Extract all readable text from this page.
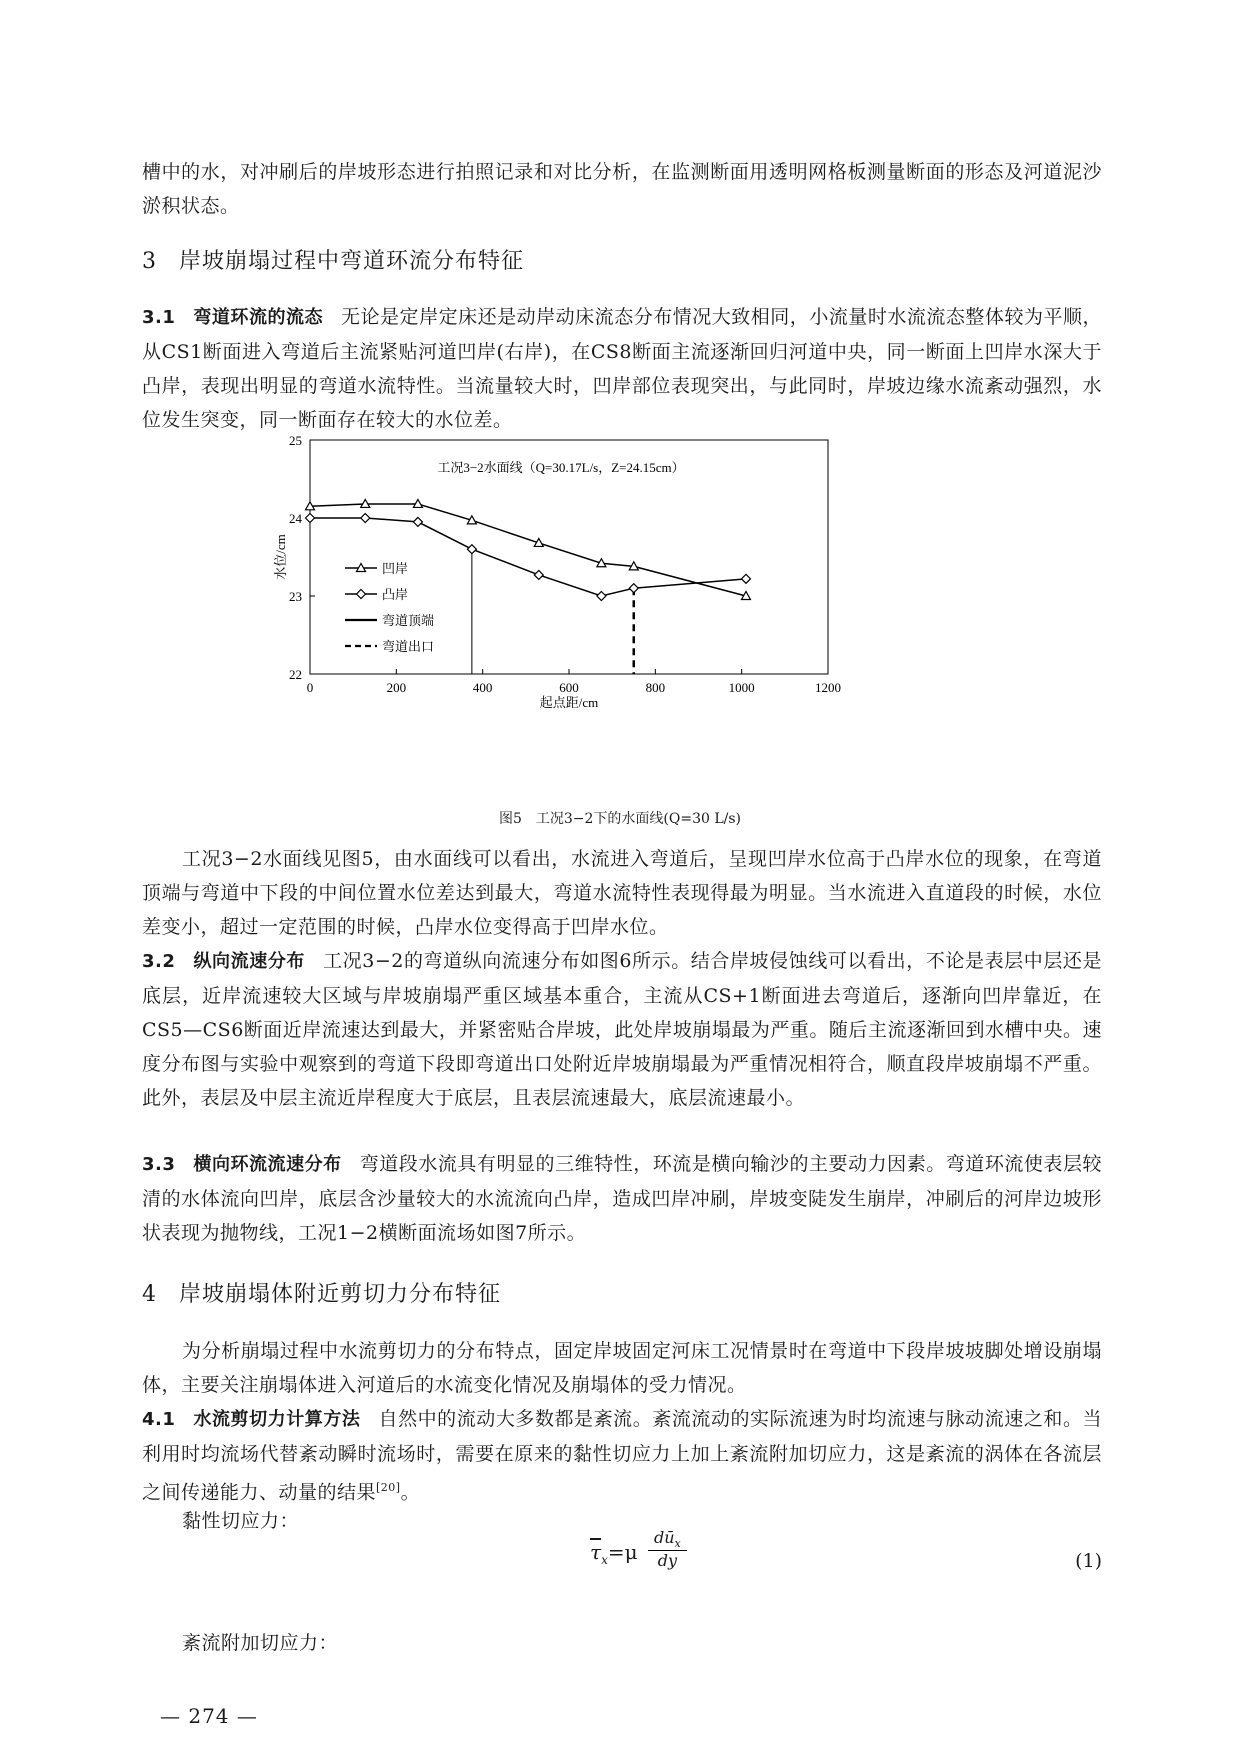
槽中的水，对冲刷后的岸坡形态进行拍照记录和对比分析，在监测断面用透明网格板测量断面的形态及河道泥沙淤积状态。

3 岸坡崩塌过程中弯道环流分布特征

3.1 弯道环流的流态 无论是定岸定床还是动岸动床流态分布情况大致相同，小流量时水流流态整体较为平顺，从CS1断面进入弯道后主流紧贴河道凹岸(右岸)，在CS8断面主流逐渐回归河道中央，同一断面上凹岸水深大于凸岸，表现出明显的弯道水流特性。当流量较大时，凹岸部位表现突出，与此同时，岸坡边缘水流紊动强烈，水位发生突变，同一断面存在较大的水位差。

0	200	400	600	800	1000	1200
22
23
24
25
工况3−2水面线（Q=30.17L/s，Z=24.15cm）
水位/cm
起点距/cm
凹岸
凸岸
弯道顶端
弯道出口
图5　工况3−2下的水面线(Q=30 L/s)

工况3−2水面线见图5，由水面线可以看出，水流进入弯道后，呈现凹岸水位高于凸岸水位的现象，在弯道顶端与弯道中下段的中间位置水位差达到最大，弯道水流特性表现得最为明显。当水流进入直道段的时候，水位差变小，超过一定范围的时候，凸岸水位变得高于凹岸水位。

3.2 纵向流速分布 工况3−2的弯道纵向流速分布如图6所示。结合岸坡侵蚀线可以看出，不论是表层中层还是底层，近岸流速较大区域与岸坡崩塌严重区域基本重合，主流从CS+1断面进去弯道后，逐渐向凹岸靠近，在CS5—CS6断面近岸流速达到最大，并紧密贴合岸坡，此处岸坡崩塌最为严重。随后主流逐渐回到水槽中央。速度分布图与实验中观察到的弯道下段即弯道出口处附近岸坡崩塌最为严重情况相符合，顺直段岸坡崩塌不严重。此外，表层及中层主流近岸程度大于底层，且表层流速最大，底层流速最小。

3.3 横向环流流速分布 弯道段水流具有明显的三维特性，环流是横向输沙的主要动力因素。弯道环流使表层较清的水体流向凹岸，底层含沙量较大的水流流向凸岸，造成凹岸冲刷，岸坡变陡发生崩岸，冲刷后的河岸边坡形状表现为抛物线，工况1−2横断面流场如图7所示。

4 岸坡崩塌体附近剪切力分布特征

为分析崩塌过程中水流剪切力的分布特点，固定岸坡固定河床工况情景时在弯道中下段岸坡坡脚处增设崩塌体，主要关注崩塌体进入河道后的水流变化情况及崩塌体的受力情况。

4.1 水流剪切力计算方法 自然中的流动大多数都是紊流。紊流流动的实际流速为时均流速与脉动流速之和。当利用时均流场代替紊动瞬时流场时，需要在原来的黏性切应力上加上紊流附加切应力，这是紊流的涡体在各流层之间传递能力、动量的结果[20]。

黏性切应力：

$\overline{\tau}_x=\mu$
$dū_x$
dy	(1)

紊流附加切应力：

— 274 —
